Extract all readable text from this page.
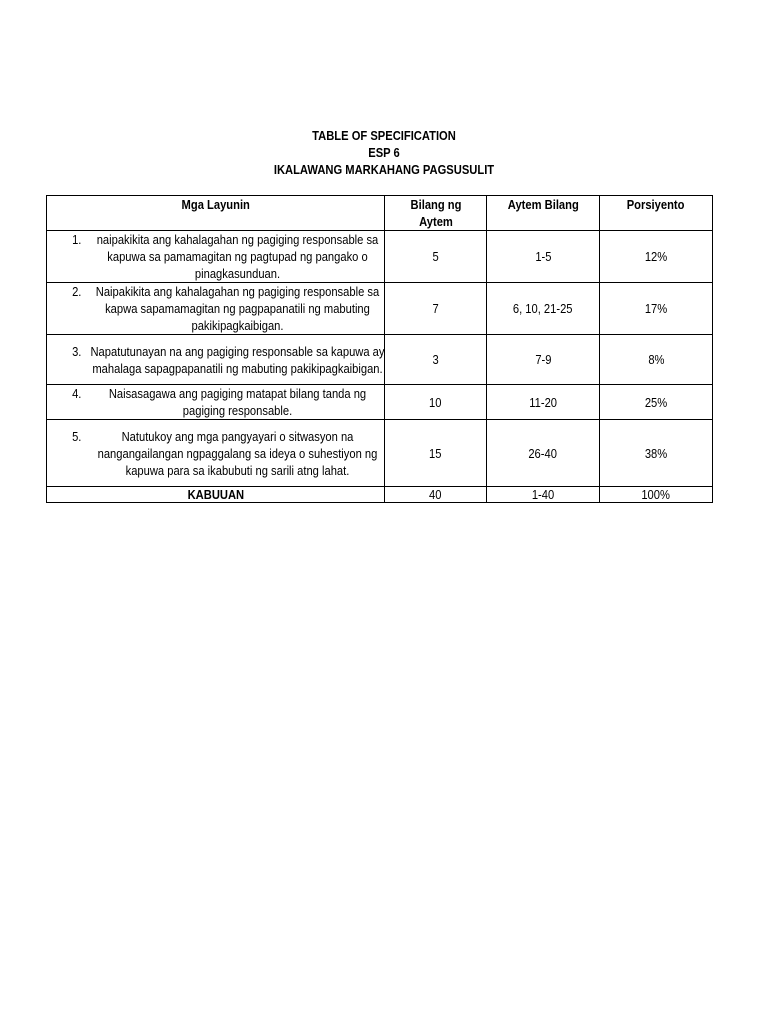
TABLE OF SPECIFICATION
ESP 6
IKALAWANG MARKAHANG PAGSUSULIT
Mga Layunin	Bilang ng Aytem	Aytem Bilang	Porsiyento

1. naipakikita ang kahalagahan ng pagiging responsable sa kapuwa sa pamamagitan ng pagtupad ng pangako o pinagkasunduan.	5	1-5	12%

2. Naipakikita ang kahalagahan ng pagiging responsable sa kapwa sapamamagitan ng pagpapanatili ng mabuting pakikipagkaibigan.	7	6, 10, 21-25	17%

3. Napatutunayan na ang pagiging responsable sa kapuwa ay mahalaga sapagpapanatili ng mabuting pakikipagkaibigan.	3	7-9	8%

4. Naisasagawa ang pagiging matapat bilang tanda ng pagiging responsable.	10	11-20	25%

5. Natutukoy ang mga pangyayari o sitwasyon na nangangailangan ngpaggalang sa ideya o suhestiyon ng kapuwa para sa ikabubuti ng sarili atng lahat.	15	26-40	38%
KABUUAN	40	1-40	100%
